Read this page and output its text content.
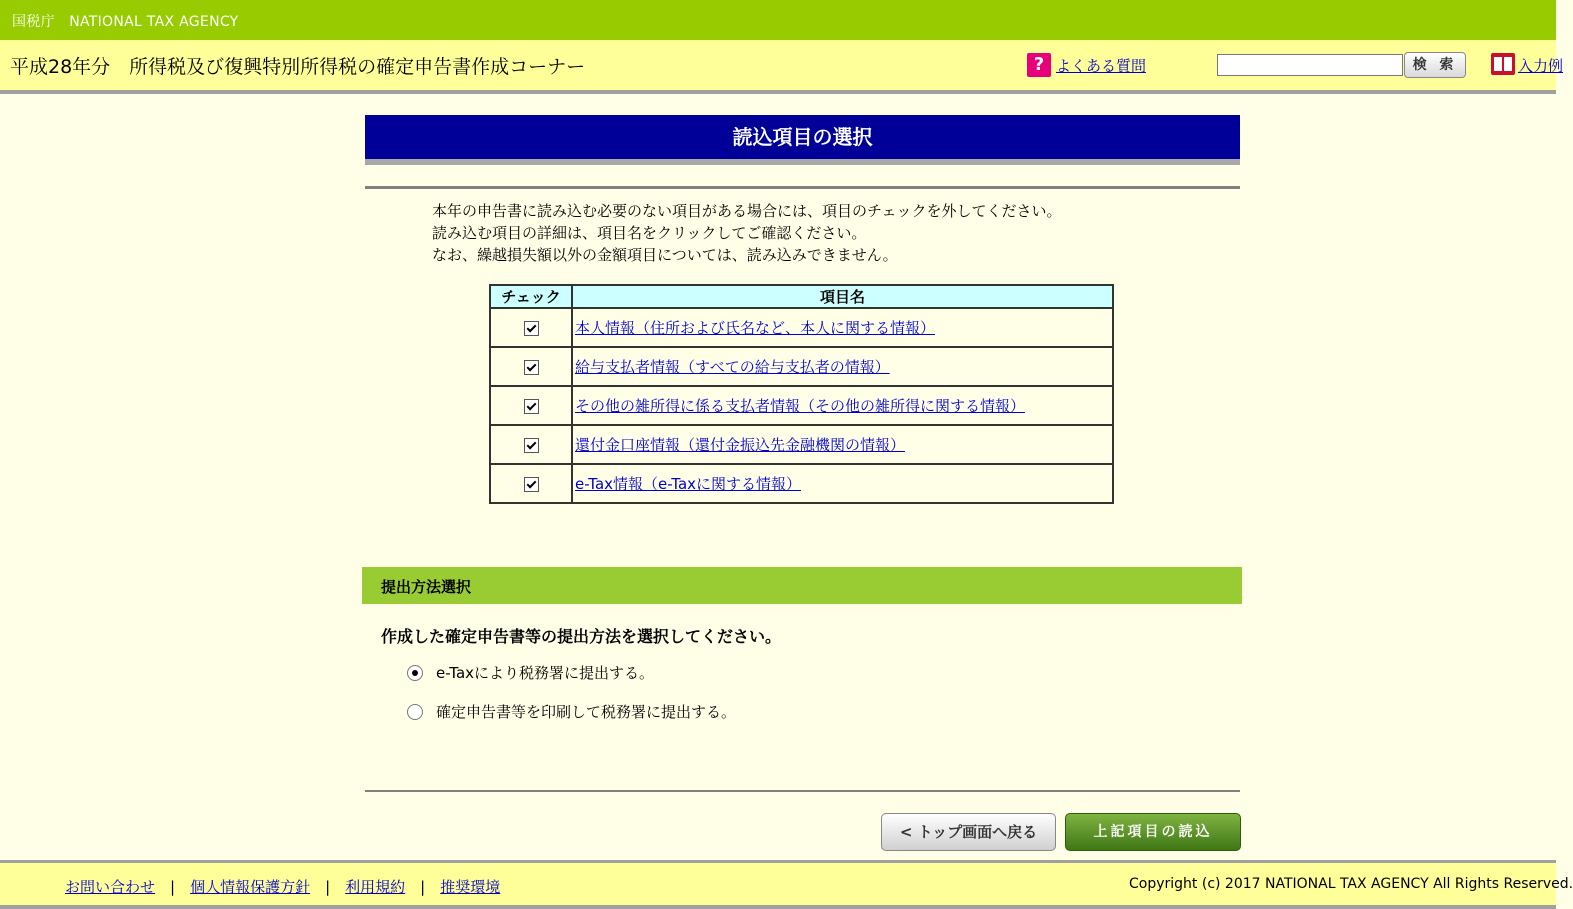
国税庁　NATIONAL TAX AGENCY
平成28年分　所得税及び復興特別所得税の確定申告書作成コーナー	? よくある質問	検 索	入力例
読込項目の選択
本年の申告書に読み込む必要のない項目がある場合には、項目のチェックを外してください。
読み込む項目の詳細は、項目名をクリックしてご確認ください。
なお、繰越損失額以外の金額項目については、読み込みできません。
チェック	項目名
	本人情報（住所および氏名など、本人に関する情報）
	給与支払者情報（すべての給与支払者の情報）
	その他の雑所得に係る支払者情報（その他の雑所得に関する情報）
	還付金口座情報（還付金振込先金融機関の情報）
	e-Tax情報（e-Taxに関する情報）
提出方法選択
作成した確定申告書等の提出方法を選択してください。
e-Taxにより税務署に提出する。
確定申告書等を印刷して税務署に提出する。
< トップ画面へ戻る	上記項目の読込
お問い合わせ | 個人情報保護方針 | 利用規約 | 推奨環境	Copyright (c) 2017 NATIONAL TAX AGENCY All Rights Reserved.
